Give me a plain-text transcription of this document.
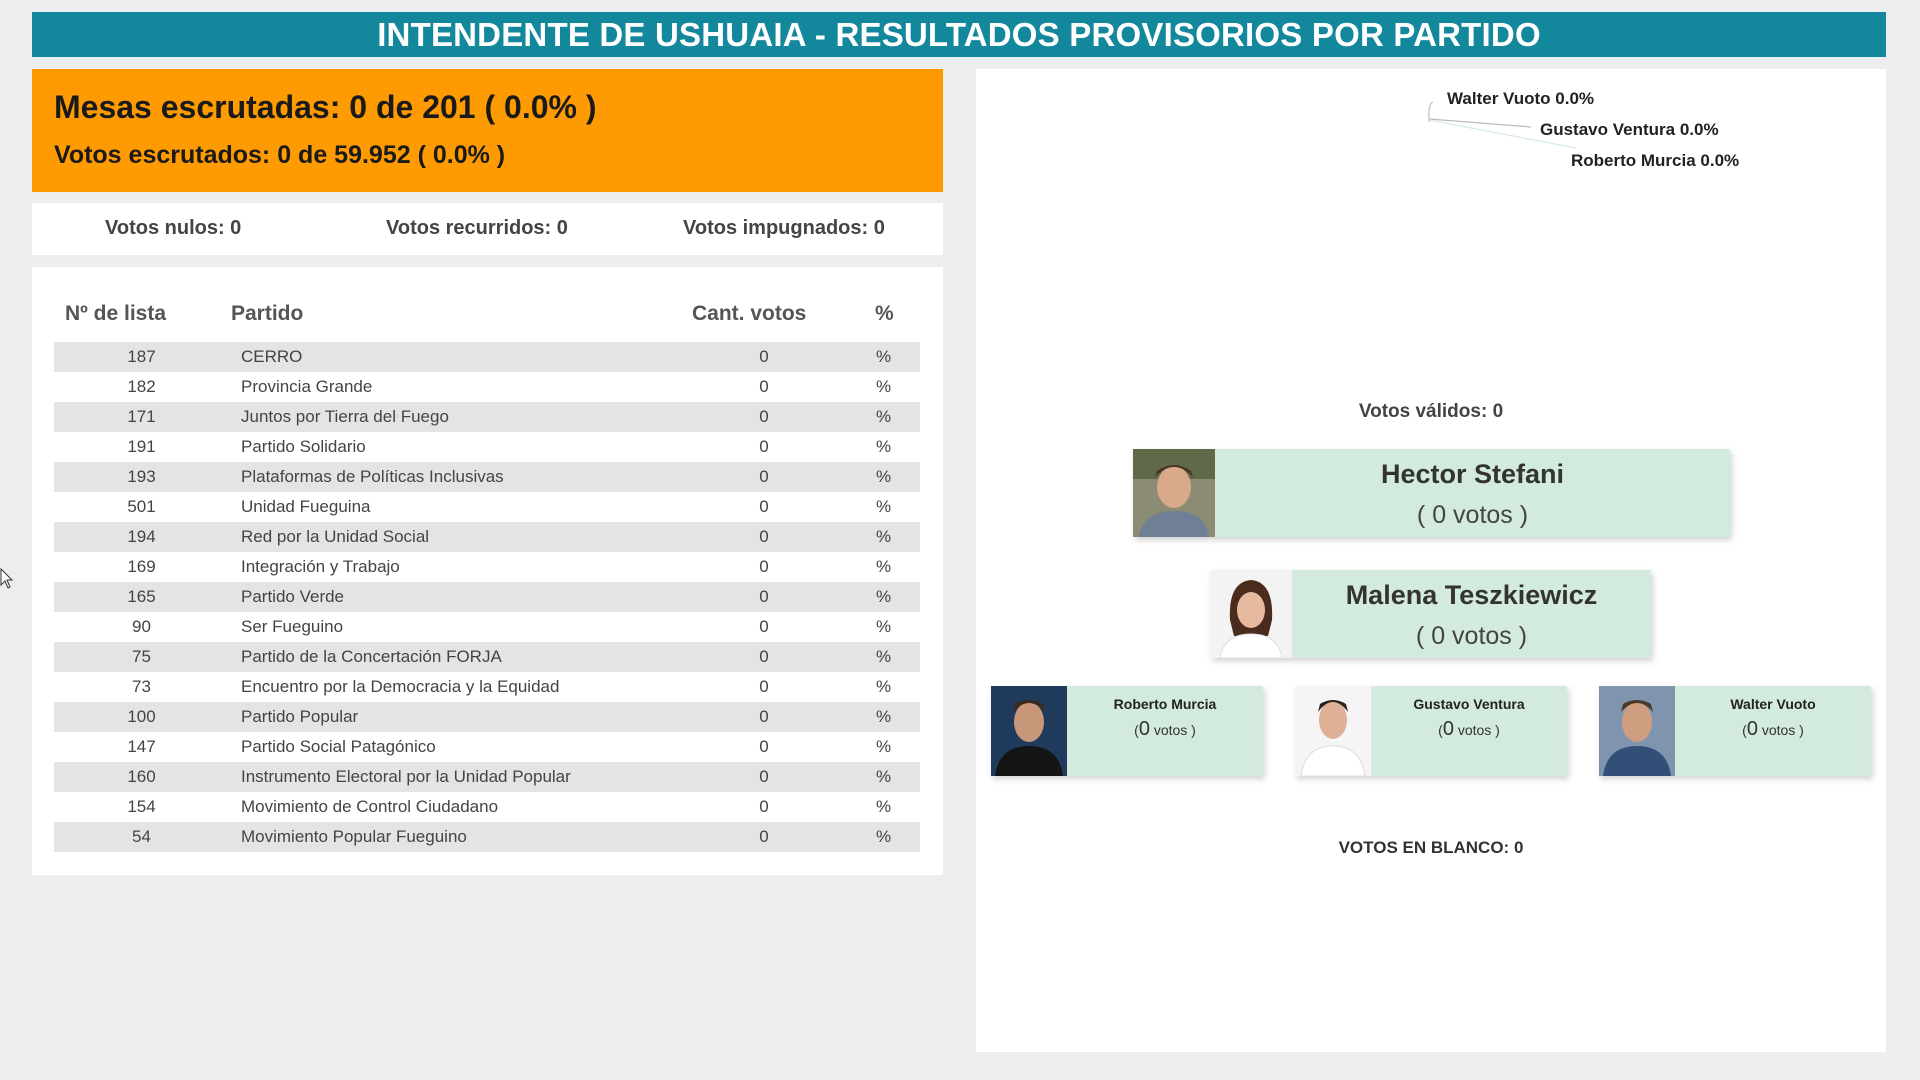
INTENDENTE DE USHUAIA - RESULTADOS PROVISORIOS POR PARTIDO
Mesas escrutadas: 0 de 201 ( 0.0% )
Votos escrutados: 0 de 59.952 ( 0.0% )
Votos nulos: 0	Votos recurridos: 0	Votos impugnados: 0
Nº de lista	Partido	Cant. votos	%
187	CERRO	0	%
182	Provincia Grande	0	%
171	Juntos por Tierra del Fuego	0	%
191	Partido Solidario	0	%
193	Plataformas de Políticas Inclusivas	0	%
501	Unidad Fueguina	0	%
194	Red por la Unidad Social	0	%
169	Integración y Trabajo	0	%
165	Partido Verde	0	%
90	Ser Fueguino	0	%
75	Partido de la Concertación FORJA	0	%
73	Encuentro por la Democracia y la Equidad	0	%
100	Partido Popular	0	%
147	Partido Social Patagónico	0	%
160	Instrumento Electoral por la Unidad Popular	0	%
154	Movimiento de Control Ciudadano	0	%
54	Movimiento Popular Fueguino	0	%
Walter Vuoto 0.0%
Gustavo Ventura 0.0%
Roberto Murcia 0.0%
Votos válidos: 0
Hector Stefani
( 0 votos )
Malena Teszkiewicz
( 0 votos )
Roberto Murcia
(0 votos )
Gustavo Ventura
(0 votos )
Walter Vuoto
(0 votos )
VOTOS EN BLANCO: 0
